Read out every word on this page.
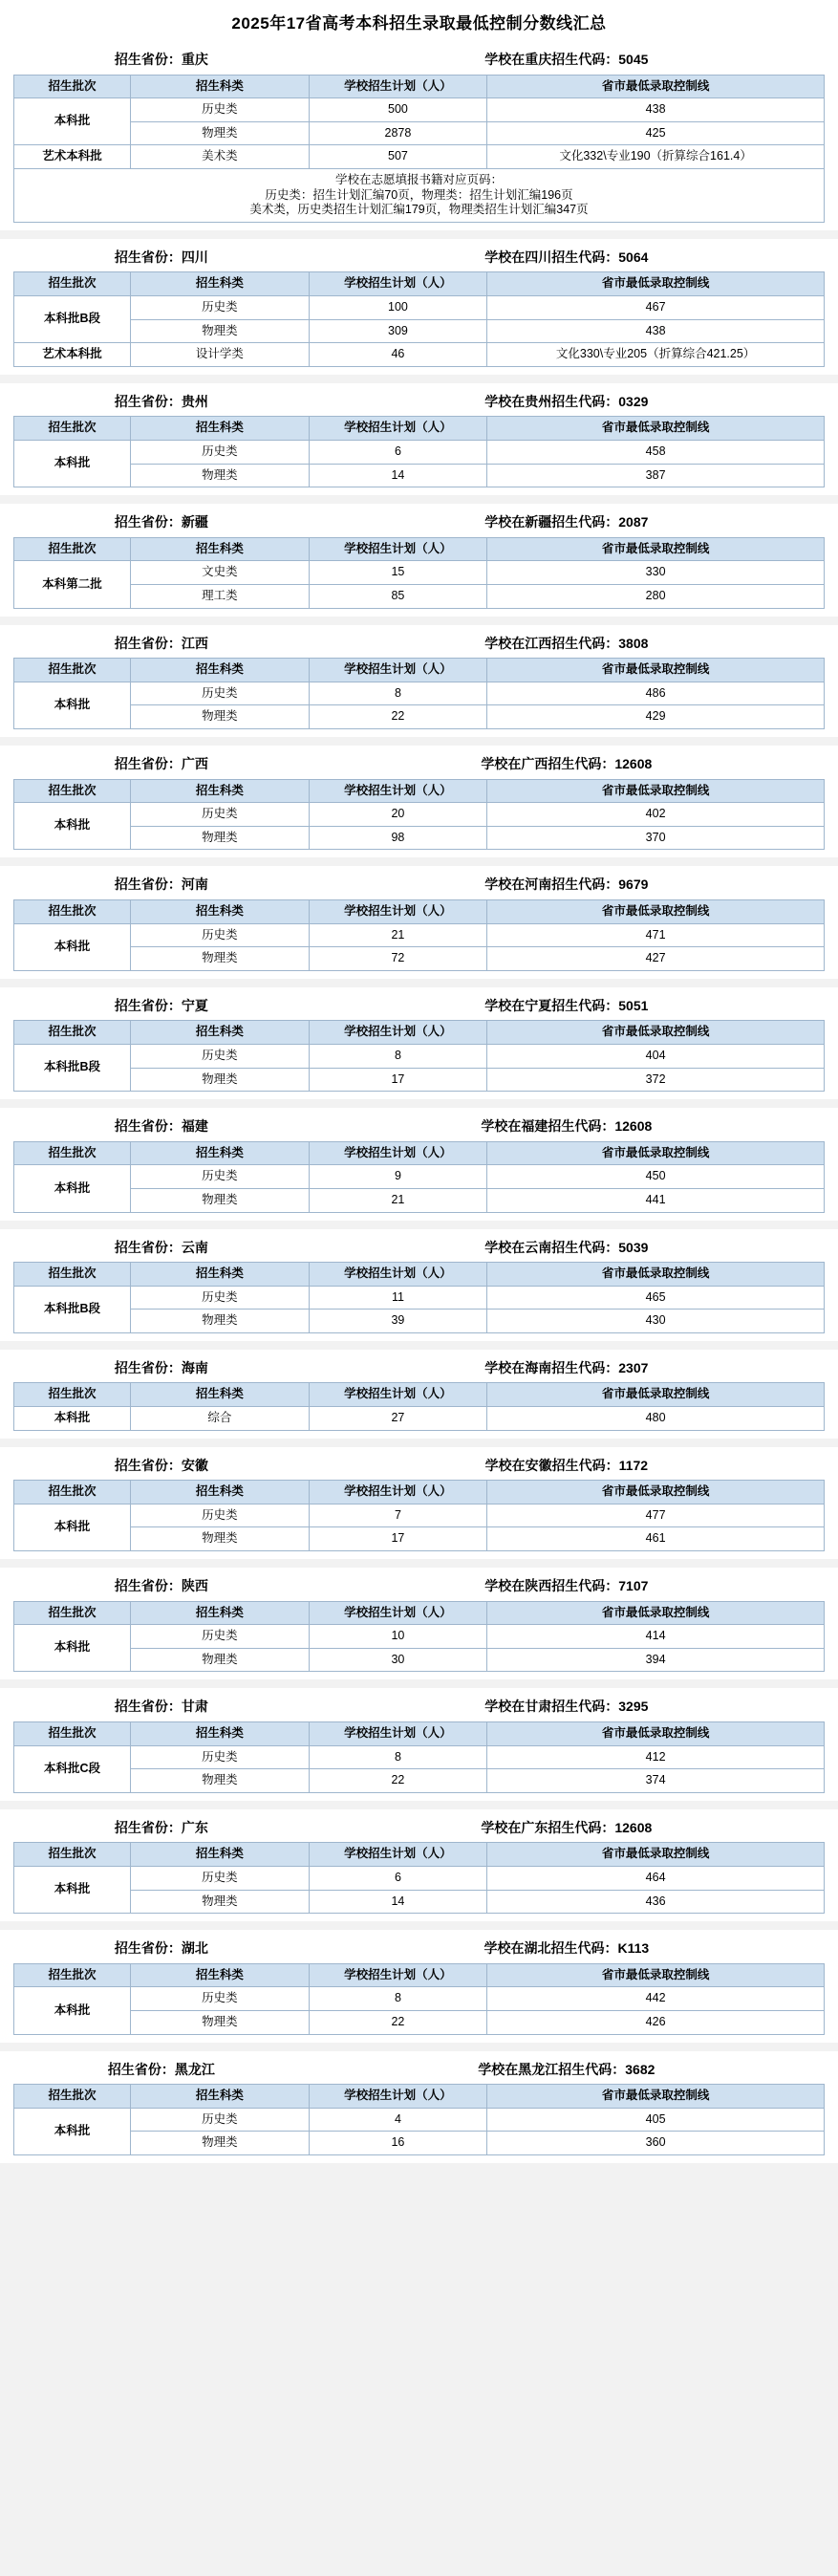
2025年17省高考本科招生录取最低控制分数线汇总
招生省份：重庆		学校在重庆招生代码：5045	
招生批次	招生科类	学校招生计划（人）	省市最低录取控制线
本科批	历史类	500	438
	物理类	2878	425
艺术本科批	美术类	507	文化332\专业190（折算综合161.4）

学校在志愿填报书籍对应页码：
历史类：招生计划汇编70页，物理类：招生计划汇编196页
美术类，历史类招生计划汇编179页，物理类招生计划汇编347页			
招生省份：四川		学校在四川招生代码：5064	
招生批次	招生科类	学校招生计划（人）	省市最低录取控制线
本科批B段	历史类	100	467
	物理类	309	438
艺术本科批	设计学类	46	文化330\专业205（折算综合421.25）
招生省份：贵州		学校在贵州招生代码：0329	
招生批次	招生科类	学校招生计划（人）	省市最低录取控制线
本科批	历史类	6	458
	物理类	14	387
招生省份：新疆		学校在新疆招生代码：2087	
招生批次	招生科类	学校招生计划（人）	省市最低录取控制线
本科第二批	文史类	15	330
	理工类	85	280
招生省份：江西		学校在江西招生代码：3808	
招生批次	招生科类	学校招生计划（人）	省市最低录取控制线
本科批	历史类	8	486
	物理类	22	429
招生省份：广西		学校在广西招生代码：12608	
招生批次	招生科类	学校招生计划（人）	省市最低录取控制线
本科批	历史类	20	402
	物理类	98	370
招生省份：河南		学校在河南招生代码：9679	
招生批次	招生科类	学校招生计划（人）	省市最低录取控制线
本科批	历史类	21	471
	物理类	72	427
招生省份：宁夏		学校在宁夏招生代码：5051	
招生批次	招生科类	学校招生计划（人）	省市最低录取控制线
本科批B段	历史类	8	404
	物理类	17	372
招生省份：福建		学校在福建招生代码：12608	
招生批次	招生科类	学校招生计划（人）	省市最低录取控制线
本科批	历史类	9	450
	物理类	21	441
招生省份：云南		学校在云南招生代码：5039	
招生批次	招生科类	学校招生计划（人）	省市最低录取控制线
本科批B段	历史类	11	465
	物理类	39	430
招生省份：海南		学校在海南招生代码：2307	
招生批次	招生科类	学校招生计划（人）	省市最低录取控制线
本科批	综合	27	480
招生省份：安徽		学校在安徽招生代码：1172	
招生批次	招生科类	学校招生计划（人）	省市最低录取控制线
本科批	历史类	7	477
	物理类	17	461
招生省份：陕西		学校在陕西招生代码：7107	
招生批次	招生科类	学校招生计划（人）	省市最低录取控制线
本科批	历史类	10	414
	物理类	30	394
招生省份：甘肃		学校在甘肃招生代码：3295	
招生批次	招生科类	学校招生计划（人）	省市最低录取控制线
本科批C段	历史类	8	412
	物理类	22	374
招生省份：广东		学校在广东招生代码：12608	
招生批次	招生科类	学校招生计划（人）	省市最低录取控制线
本科批	历史类	6	464
	物理类	14	436
招生省份：湖北		学校在湖北招生代码：K113	
招生批次	招生科类	学校招生计划（人）	省市最低录取控制线
本科批	历史类	8	442
	物理类	22	426
招生省份：黑龙江		学校在黑龙江招生代码：3682	
招生批次	招生科类	学校招生计划（人）	省市最低录取控制线
本科批	历史类	4	405
	物理类	16	360
